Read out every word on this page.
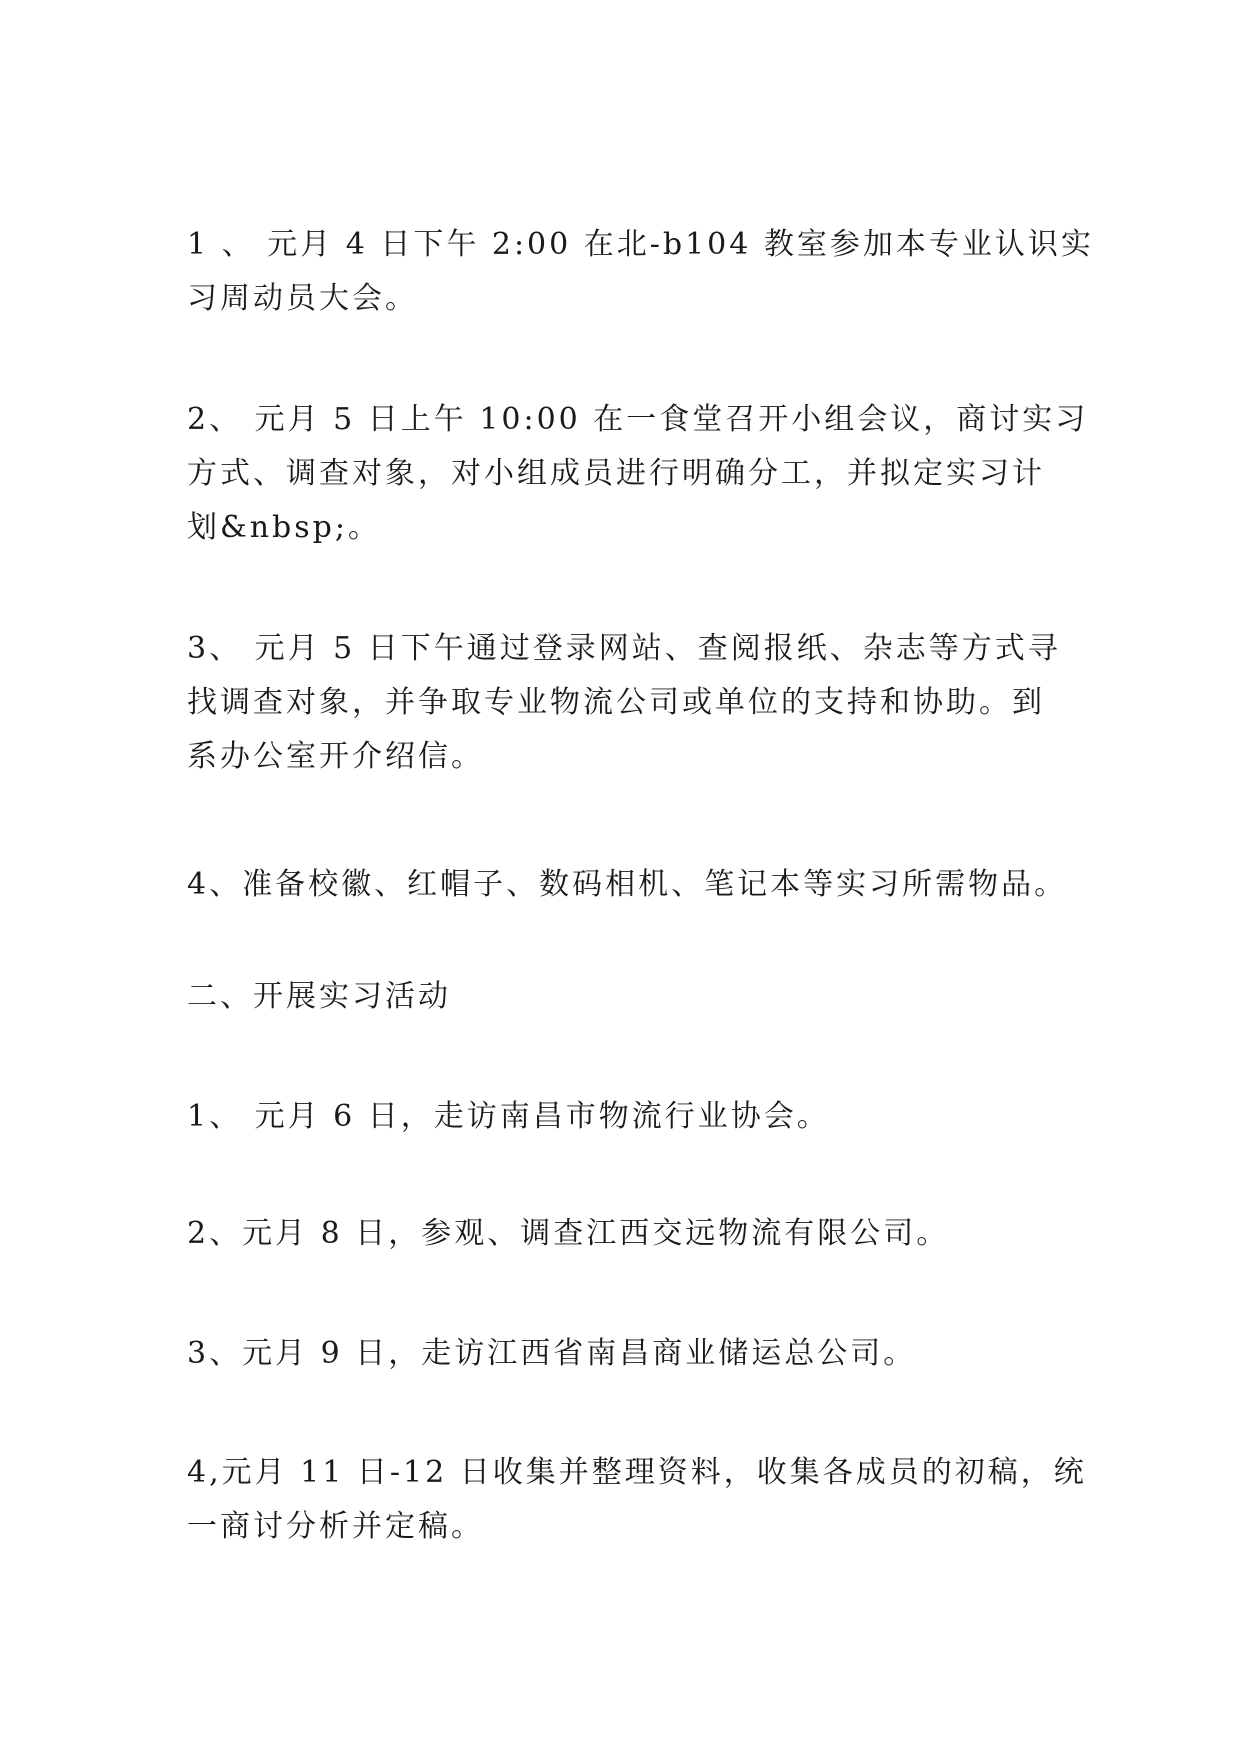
1 、 元月 4 日下午 2:00 在北-b104 教室参加本专业认识实
习周动员大会。

2、 元月 5 日上午 10:00 在一食堂召开小组会议，商讨实习
方式、调查对象，对小组成员进行明确分工，并拟定实习计
划&nbsp;。

3、 元月 5 日下午通过登录网站、查阅报纸、杂志等方式寻
找调查对象，并争取专业物流公司或单位的支持和协助。到
系办公室开介绍信。

4、准备校徽、红帽子、数码相机、笔记本等实习所需物品。

二、开展实习活动

1、 元月 6 日，走访南昌市物流行业协会。

2、元月 8 日，参观、调查江西交远物流有限公司。

3、元月 9 日，走访江西省南昌商业储运总公司。

4,元月 11 日-12 日收集并整理资料，收集各成员的初稿，统
一商讨分析并定稿。
